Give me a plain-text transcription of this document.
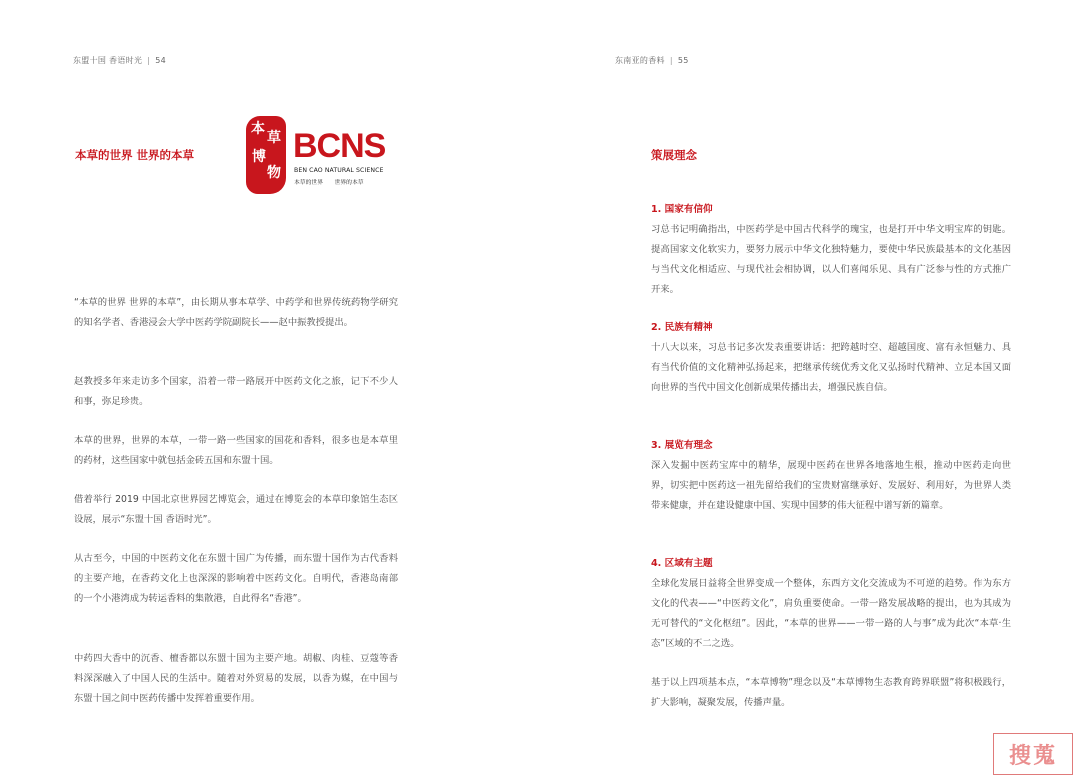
东盟十国 香语时光 | 54
本草的世界 世界的本草
本
草
博
物
BCNS
BEN CAO NATURAL SCIENCE
本草的世界　　世界的本草
“本草的世界 世界的本草”，由长期从事本草学、中药学和世界传统药物学研究的知名学者、香港浸会大学中医药学院副院长——赵中振教授提出。
赵教授多年来走访多个国家，沿着一带一路展开中医药文化之旅，记下不少人和事，弥足珍贵。
本草的世界，世界的本草，一带一路一些国家的国花和香料，很多也是本草里的药材，这些国家中就包括金砖五国和东盟十国。
借着举行 2019 中国北京世界园艺博览会，通过在博览会的本草印象馆生态区设展，展示“东盟十国 香语时光”。
从古至今，中国的中医药文化在东盟十国广为传播，而东盟十国作为古代香料的主要产地，在香药文化上也深深的影响着中医药文化。自明代，香港岛南部的一个小港湾成为转运香料的集散港，自此得名“香港”。
中药四大香中的沉香、檀香都以东盟十国为主要产地。胡椒、肉桂、豆蔻等香料深深融入了中国人民的生活中。随着对外贸易的发展，以香为媒，在中国与东盟十国之间中医药传播中发挥着重要作用。
东南亚的香料 | 55
策展理念

1. 国家有信仰

习总书记明确指出，中医药学是中国古代科学的瑰宝，也是打开中华文明宝库的钥匙。提高国家文化软实力，要努力展示中华文化独特魅力，要使中华民族最基本的文化基因与当代文化相适应、与现代社会相协调，以人们喜闻乐见、具有广泛参与性的方式推广开来。

2. 民族有精神

十八大以来，习总书记多次发表重要讲话：把跨越时空、超越国度、富有永恒魅力、具有当代价值的文化精神弘扬起来，把继承传统优秀文化又弘扬时代精神、立足本国又面向世界的当代中国文化创新成果传播出去，增强民族自信。

3. 展览有理念

深入发掘中医药宝库中的精华，展现中医药在世界各地落地生根，推动中医药走向世界，切实把中医药这一祖先留给我们的宝贵财富继承好、发展好、利用好，为世界人类带来健康，并在建设健康中国、实现中国梦的伟大征程中谱写新的篇章。

4. 区域有主题

全球化发展日益将全世界变成一个整体，东西方文化交流成为不可逆的趋势。作为东方文化的代表——“中医药文化”，肩负重要使命。一带一路发展战略的提出，也为其成为无可替代的“文化枢纽”。因此，“本草的世界——一带一路的人与事”成为此次“本草·生态”区域的不二之选。

基于以上四项基本点，“本草博物”理念以及“本草博物生态教育跨界联盟”将积极践行，扩大影响，凝聚发展，传播声量。
搜蒐
